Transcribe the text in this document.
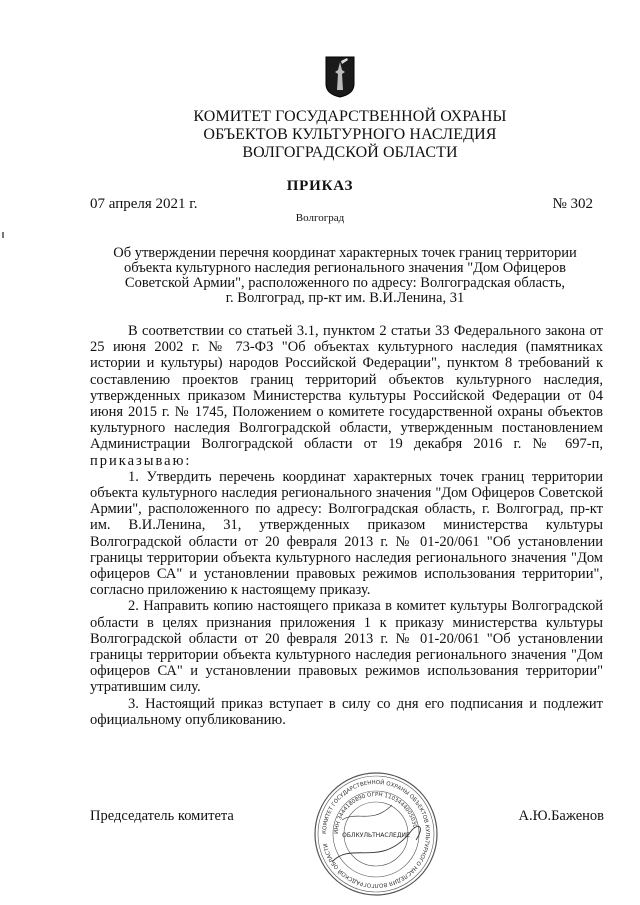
КОМИТЕТ ГОСУДАРСТВЕННОЙ ОХРАНЫ
ОБЪЕКТОВ КУЛЬТУРНОГО НАСЛЕДИЯ
ВОЛГОГРАДСКОЙ ОБЛАСТИ
ПРИКАЗ
07 апреля 2021 г.	№ 302
Волгоград
Об утверждении перечня координат характерных точек границ территории
объекта культурного наследия регионального значения "Дом Офицеров
Советской Армии", расположенного по адресу: Волгоградская область,
г. Волгоград, пр-кт им. В.И.Ленина, 31

В соответствии со статьей 3.1, пунктом 2 статьи 33 Федерального закона от 25 июня 2002 г. № 73-ФЗ "Об объектах культурного наследия (памятниках истории и культуры) народов Российской Федерации", пунктом 8 требований к составлению проектов границ территорий объектов культурного наследия, утвержденных приказом Министерства культуры Российской Федерации от 04 июня 2015 г. № 1745, Положением о комитете государственной охраны объектов культурного наследия Волгоградской области, утвержденным постановлением Администрации Волгоградской области от 19 декабря 2016 г. № 697-п, приказываю:

1. Утвердить перечень координат характерных точек границ территории объекта культурного наследия регионального значения "Дом Офицеров Советской Армии", расположенного по адресу: Волгоградская область, г. Волгоград, пр-кт им. В.И.Ленина, 31, утвержденных приказом министерства культуры Волгоградской области от 20 февраля 2013 г. № 01-20/061 "Об установлении границы территории объекта культурного наследия регионального значения "Дом офицеров СА" и установлении правовых режимов использования территории", согласно приложению к настоящему приказу.

2. Направить копию настоящего приказа в комитет культуры Волгоградской области в целях признания приложения 1 к приказу министерства культуры Волгоградской области от 20 февраля 2013 г. № 01-20/061 "Об установлении границы территории объекта культурного наследия регионального значения "Дом офицеров СА" и установлении правовых режимов использования территории" утратившим силу.

3. Настоящий приказ вступает в силу со дня его подписания и подлежит официальному опубликованию.

Председатель комитета	А.Ю.Баженов
КОМИТЕТ ГОСУДАРСТВЕННОЙ ОХРАНЫ ОБЪЕКТОВ КУЛЬТУРНОГО НАСЛЕДИЯ ВОЛГОГРАДСКОЙ ОБЛАСТИ
ИНН 3444180890 ОГРН 1103444005030
ОБЛКУЛЬТНАСЛЕДИЕ
